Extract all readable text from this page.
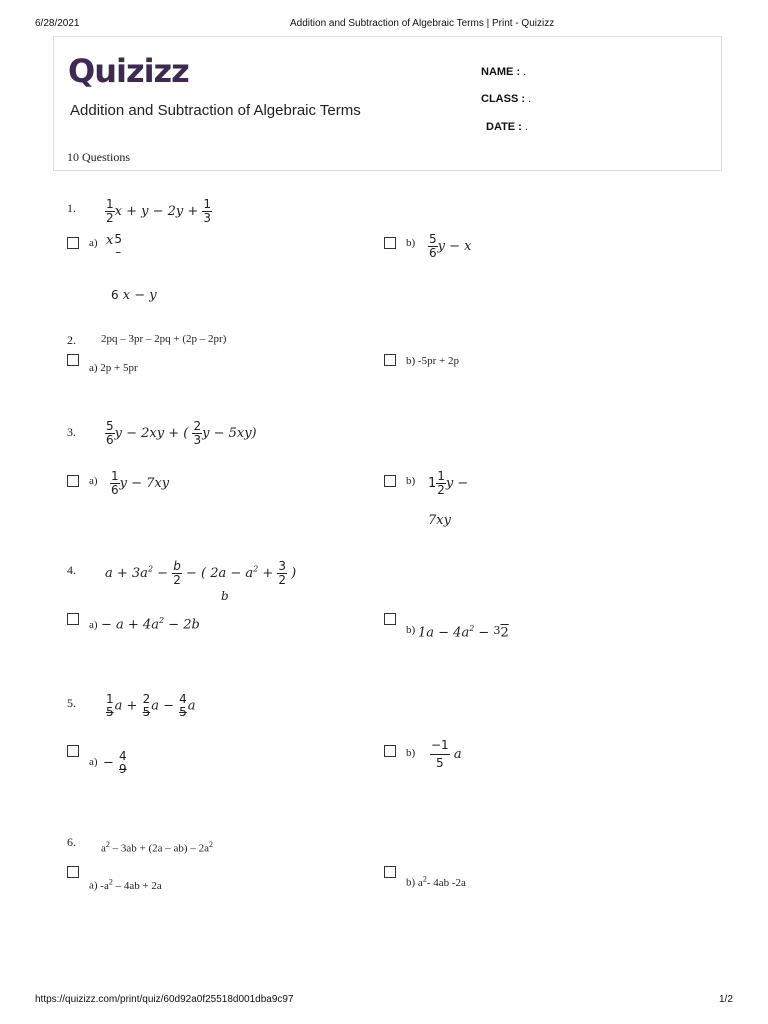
6/28/2021	Addition and Subtraction of Algebraic Terms | Print - Quizizz
Quizizz
Addition and Subtraction of Algebraic Terms
10 Questions
NAME : .
CLASS : .
DATE : .
1. $\frac{1}{2}$ $x + y - 2y + \frac{1}{3}$
a) x 5
–
6 x − y
$b) \frac{5}{6}$ y − x
2. 2pq – 3pr – 2pq + (2p – 2pr)
a) 2p + 5pr
b) -5pr + 2p
3. $\frac{5}{6}$ y − 2xy + ( $\frac{2}{3}$ y − 5xy)
$a) \frac{1}{6}$ y − 7xy	b) $1 \frac{1}{2}$ y −
7xy
4. $a + 3a^2 - \frac{b}{2}$ − ( $2a - a^2 + \frac{3}{2}$ )
b
$a) - a + 4a^2 - 2b$	b) $1a - 4a^2 - ^32$
5.	1
5 a + 2
5 a − 4
5 a
a) − 4
9
$b) \frac{-1}{5}$ a
6. $a^2 - 3ab + (2a - ab) - 2a^2$
a) $-a^2 - 4ab + 2a$	b) $a^2-$ 4ab -2a
https://quizizz.com/print/quiz/60d92a0f25518d001dba9c97	1/2
